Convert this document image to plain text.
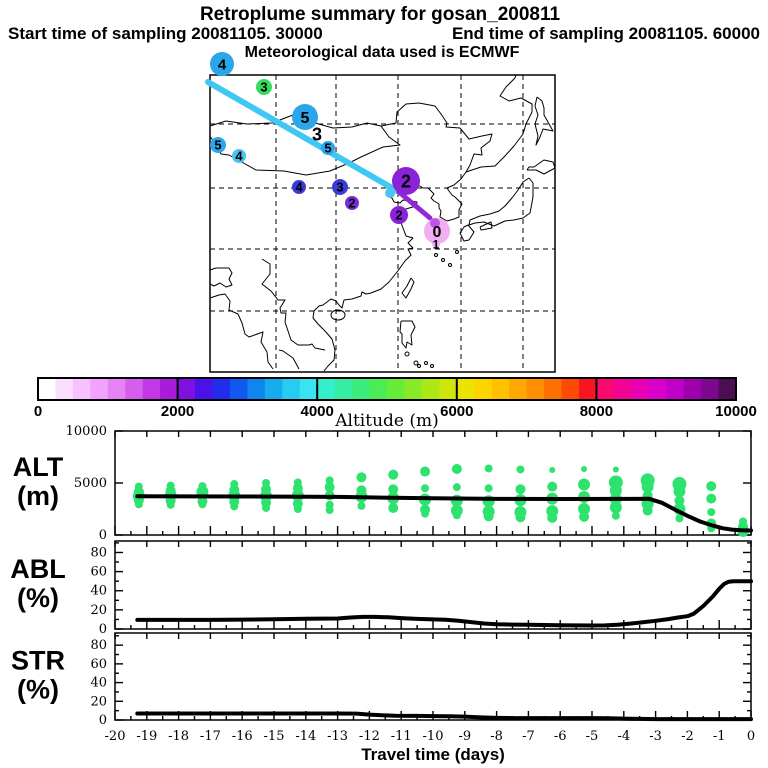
4
3
5
5
4
2
2
3
5
4	3
2
0
1
0	2000	4000	6000	8000	10000
Altitude (m)
0
5000
10000
ALT
(m)
0
20
40
60
80
ABL
(%)
0
20
40
60
80
STR
(%)
-20 -19 -18 -17 -16 -15 -14 -13 -12 -11 -10 -9 -8 -7 -6 -5 -4 -3 -2 -1 0
Travel time (days)
Retroplume summary for gosan_200811
Start time of sampling 20081105. 30000	End time of sampling 20081105. 60000
Meteorological data used is ECMWF
